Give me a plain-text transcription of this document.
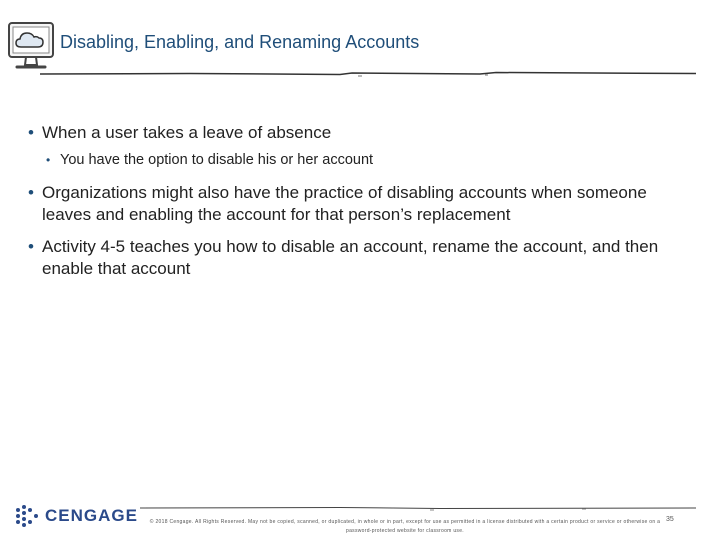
Disabling, Enabling, and Renaming Accounts
• When a user takes a leave of absence
• You have the option to disable his or her account
• Organizations might also have the practice of disabling accounts when someone leaves and enabling the account for that person’s replacement
• Activity 4-5 teaches you how to disable an account, rename the account, and then enable that account
CENGAGE	© 2018 Cengage. All Rights Reserved. May not be copied, scanned, or duplicated, in whole or in part, except for use as permitted in a license distributed with a certain product or service or otherwise on a password-protected website for classroom use.
35
